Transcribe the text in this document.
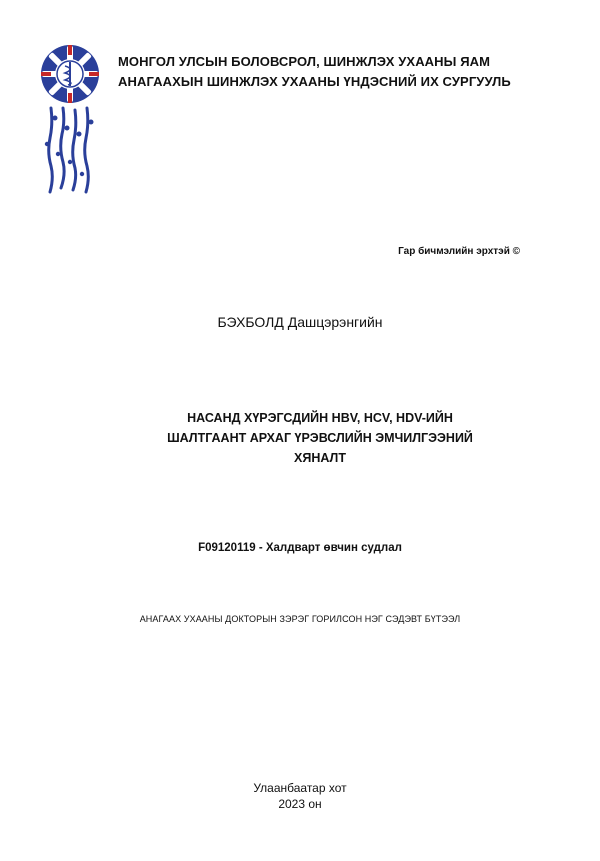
МОНГОЛ УЛСЫН БОЛОВСРОЛ, ШИНЖЛЭХ УХААНЫ ЯАМ
АНАГААХЫН ШИНЖЛЭХ УХААНЫ ҮНДЭСНИЙ ИХ СУРГУУЛЬ
Гар бичмэлийн эрхтэй ©
БЭХБОЛД Дашцэрэнгийн
НАСАНД ХҮРЭГСДИЙН HBV, HCV, HDV-ИЙН
ШАЛТГААНТ АРХАГ ҮРЭВСЛИЙН ЭМЧИЛГЭЭНИЙ
ХЯНАЛТ
F09120119 - Халдварт өвчин судлал
АНАГААХ УХААНЫ ДОКТОРЫН ЗЭРЭГ ГОРИЛСОН НЭГ СЭДЭВТ БҮТЭЭЛ
Улаанбаатар хот
2023 он
